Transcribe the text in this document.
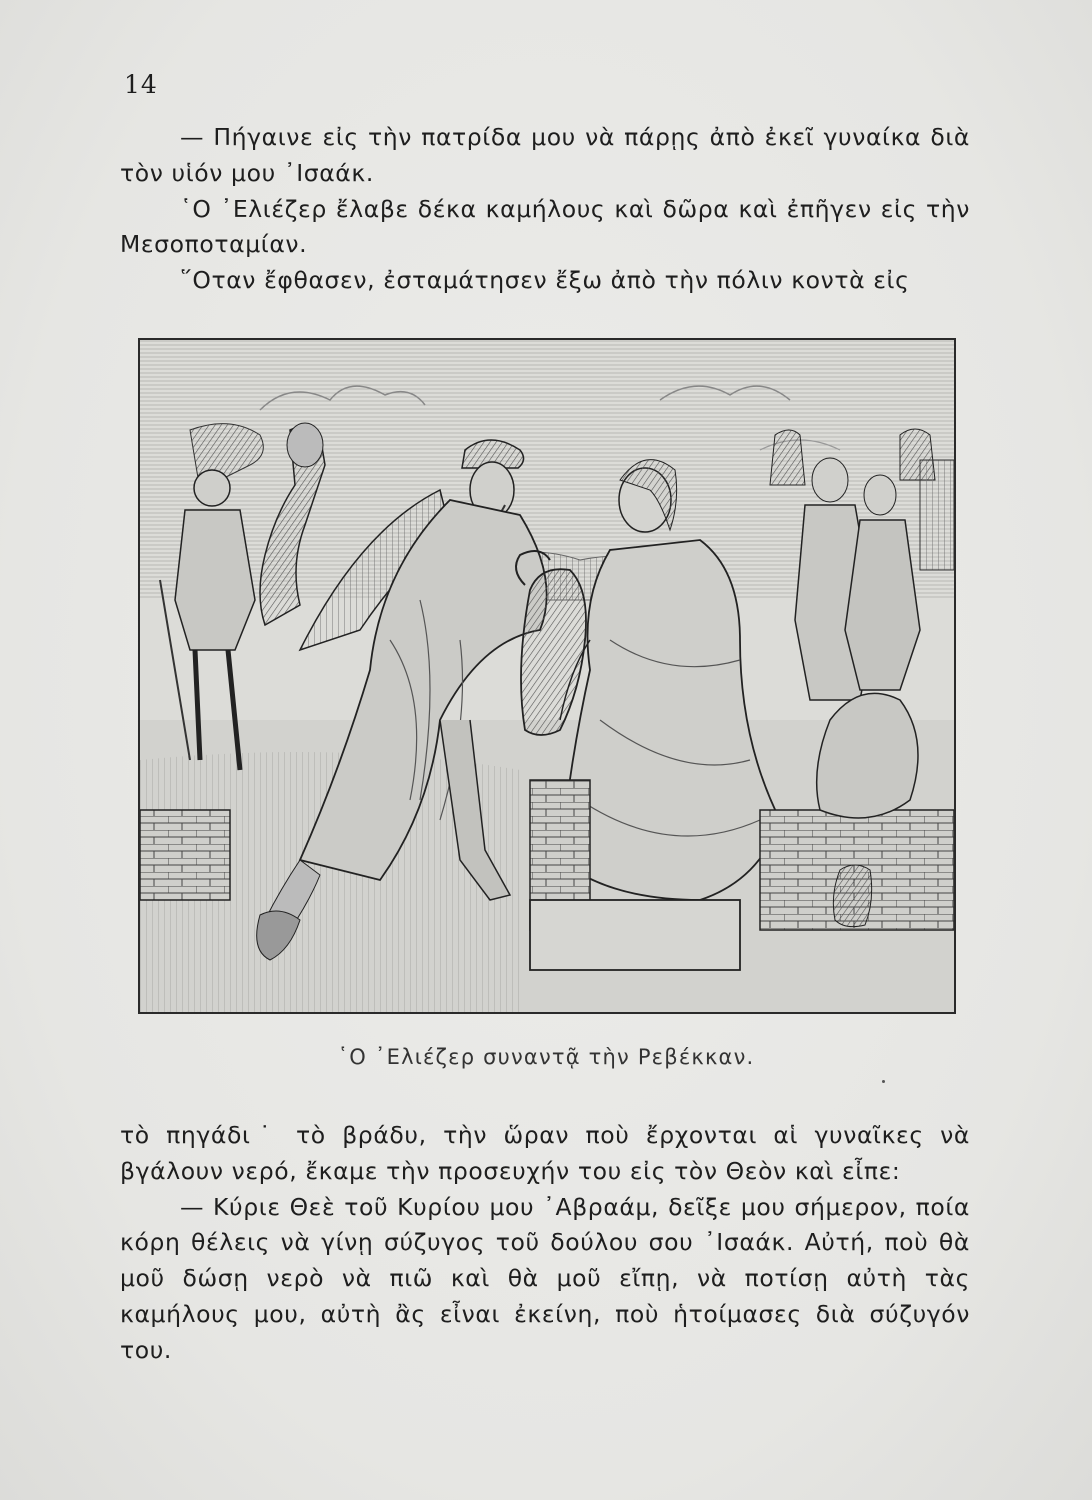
14

— Πήγαινε εἰς τὴν πατρίδα μου νὰ πάρῃς ἀπὸ ἐκεῖ γυναίκα διὰ τὸν υἱόν μου ᾿Ισαάκ.

῾Ο ᾿Ελιέζερ ἔλαβε δέκα καμήλους καὶ δῶρα καὶ ἐπῆγεν εἰς τὴν Μεσοποταμίαν.

῞Οταν ἔφθασεν, ἐσταμάτησεν ἔξω ἀπὸ τὴν πόλιν κοντὰ εἰς

῾Ο ᾿Ελιέζερ συναντᾷ τὴν Ρεβέκκαν.

τὸ πηγάδι˙ τὸ βράδυ, τὴν ὥραν ποὺ ἔρχονται αἱ γυναῖκες νὰ βγάλουν νερό, ἔκαμε τὴν προσευχήν του εἰς τὸν Θεὸν καὶ εἶπε:

— Κύριε Θεὲ τοῦ Κυρίου μου ᾿Αβραάμ, δεῖξε μου σήμερον, ποία κόρη θέλεις νὰ γίνῃ σύζυγος τοῦ δούλου σου ᾿Ισαάκ. Αὐτή, ποὺ θὰ μοῦ δώσῃ νερὸ νὰ πιῶ καὶ θὰ μοῦ εἴπῃ, νὰ ποτίσῃ αὐτὴ τὰς καμήλους μου, αὐτὴ ἂς εἶναι ἐκείνη, ποὺ ἡτοίμασες διὰ σύζυγόν του.
